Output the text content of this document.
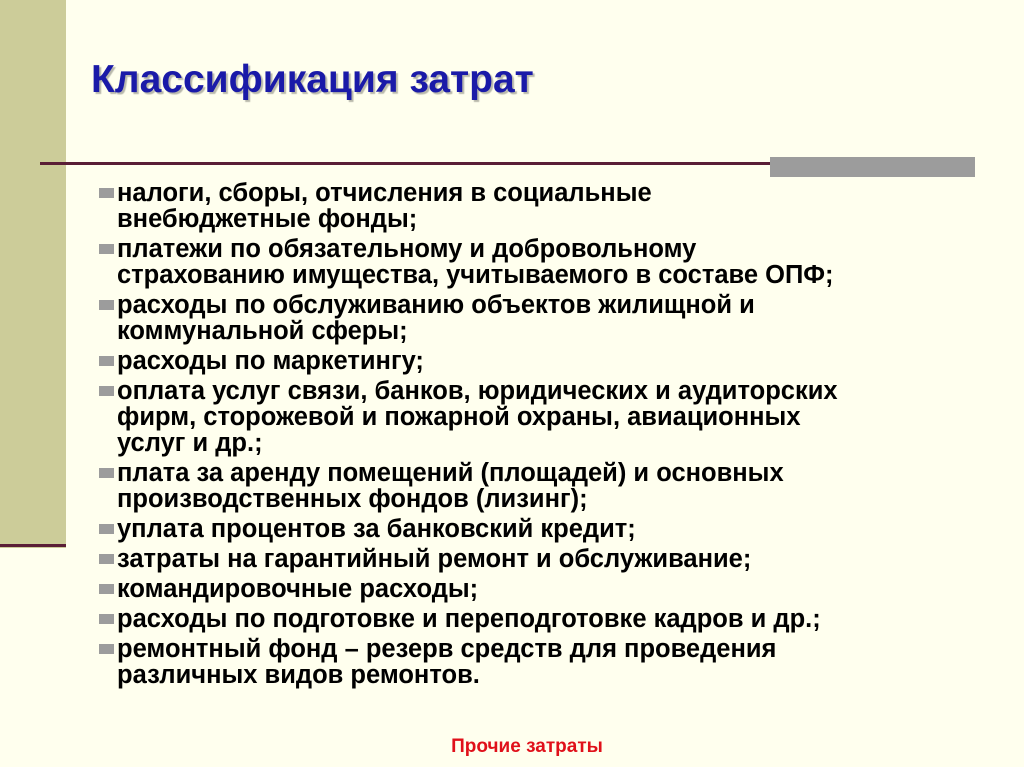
Классификация затрат
налоги, сборы, отчисления в социальные
внебюджетные фонды;
платежи по обязательному и добровольному
страхованию имущества, учитываемого в составе ОПФ;
расходы по обслуживанию объектов жилищной и
коммунальной сферы;
расходы по маркетингу;
оплата услуг связи, банков, юридических и аудиторских
фирм, сторожевой и пожарной охраны, авиационных
услуг и др.;
плата за аренду помещений (площадей) и основных
производственных фондов (лизинг);
уплата процентов за банковский кредит;
затраты на гарантийный ремонт и обслуживание;
командировочные расходы;
расходы по подготовке и переподготовке кадров и др.;
ремонтный фонд – резерв средств для проведения
различных видов ремонтов.
Прочие затраты
